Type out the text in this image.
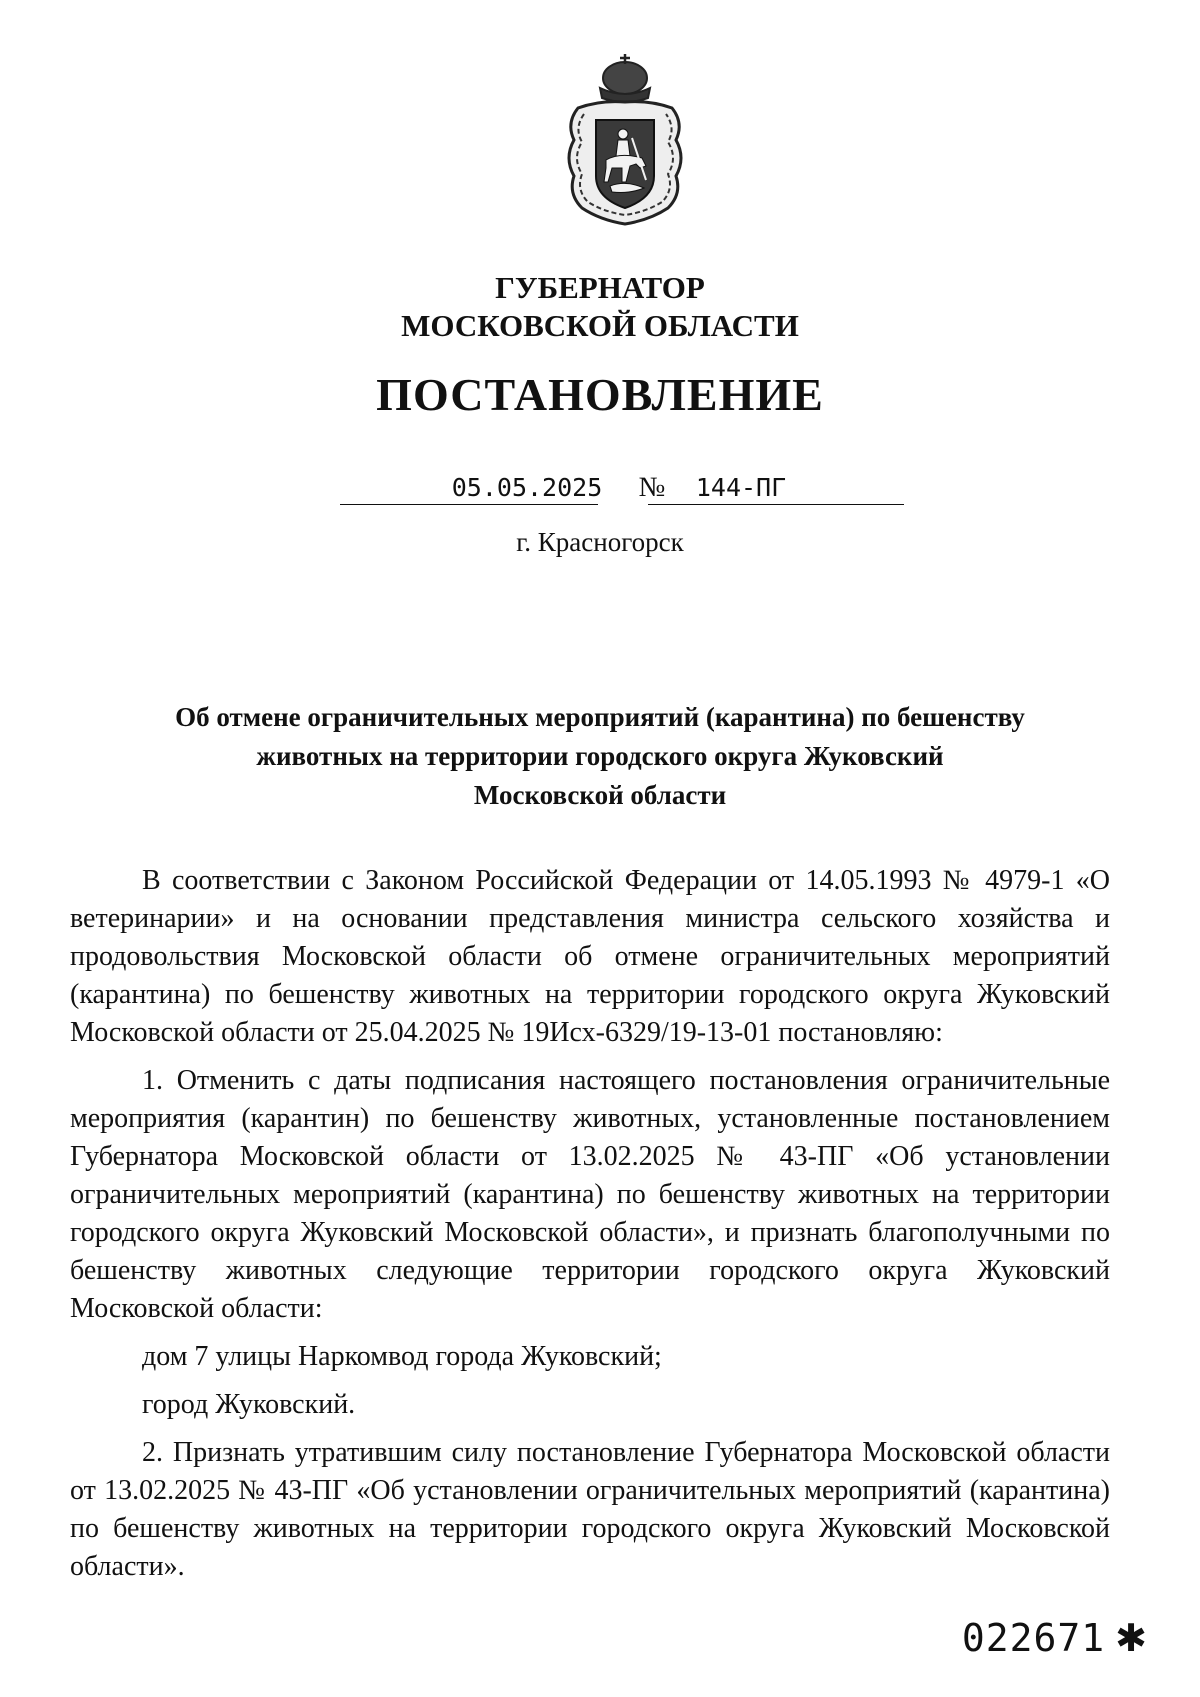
ГУБЕРНАТОР
МОСКОВСКОЙ ОБЛАСТИ
ПОСТАНОВЛЕНИЕ
05.05.2025	№	144-ПГ
г. Красногорск
Об отмене ограничительных мероприятий (карантина) по бешенству
животных на территории городского округа Жуковский
Московской области

В соответствии с Законом Российской Федерации от 14.05.1993 № 4979-1 «О ветеринарии» и на основании представления министра сельского хозяйства и продовольствия Московской области об отмене ограничительных мероприятий (карантина) по бешенству животных на территории городского округа Жуковский Московской области от 25.04.2025 № 19Исх-6329/19-13-01 постановляю:

1. Отменить с даты подписания настоящего постановления ограничительные мероприятия (карантин) по бешенству животных, установленные постановлением Губернатора Московской области от 13.02.2025 № 43-ПГ «Об установлении ограничительных мероприятий (карантина) по бешенству животных на территории городского округа Жуковский Московской области», и признать благополучными по бешенству животных следующие территории городского округа Жуковский Московской области:

дом 7 улицы Наркомвод города Жуковский;

город Жуковский.

2. Признать утратившим силу постановление Губернатора Московской области от 13.02.2025 № 43-ПГ «Об установлении ограничительных мероприятий (карантина) по бешенству животных на территории городского округа Жуковский Московской области».

022671 ✱
